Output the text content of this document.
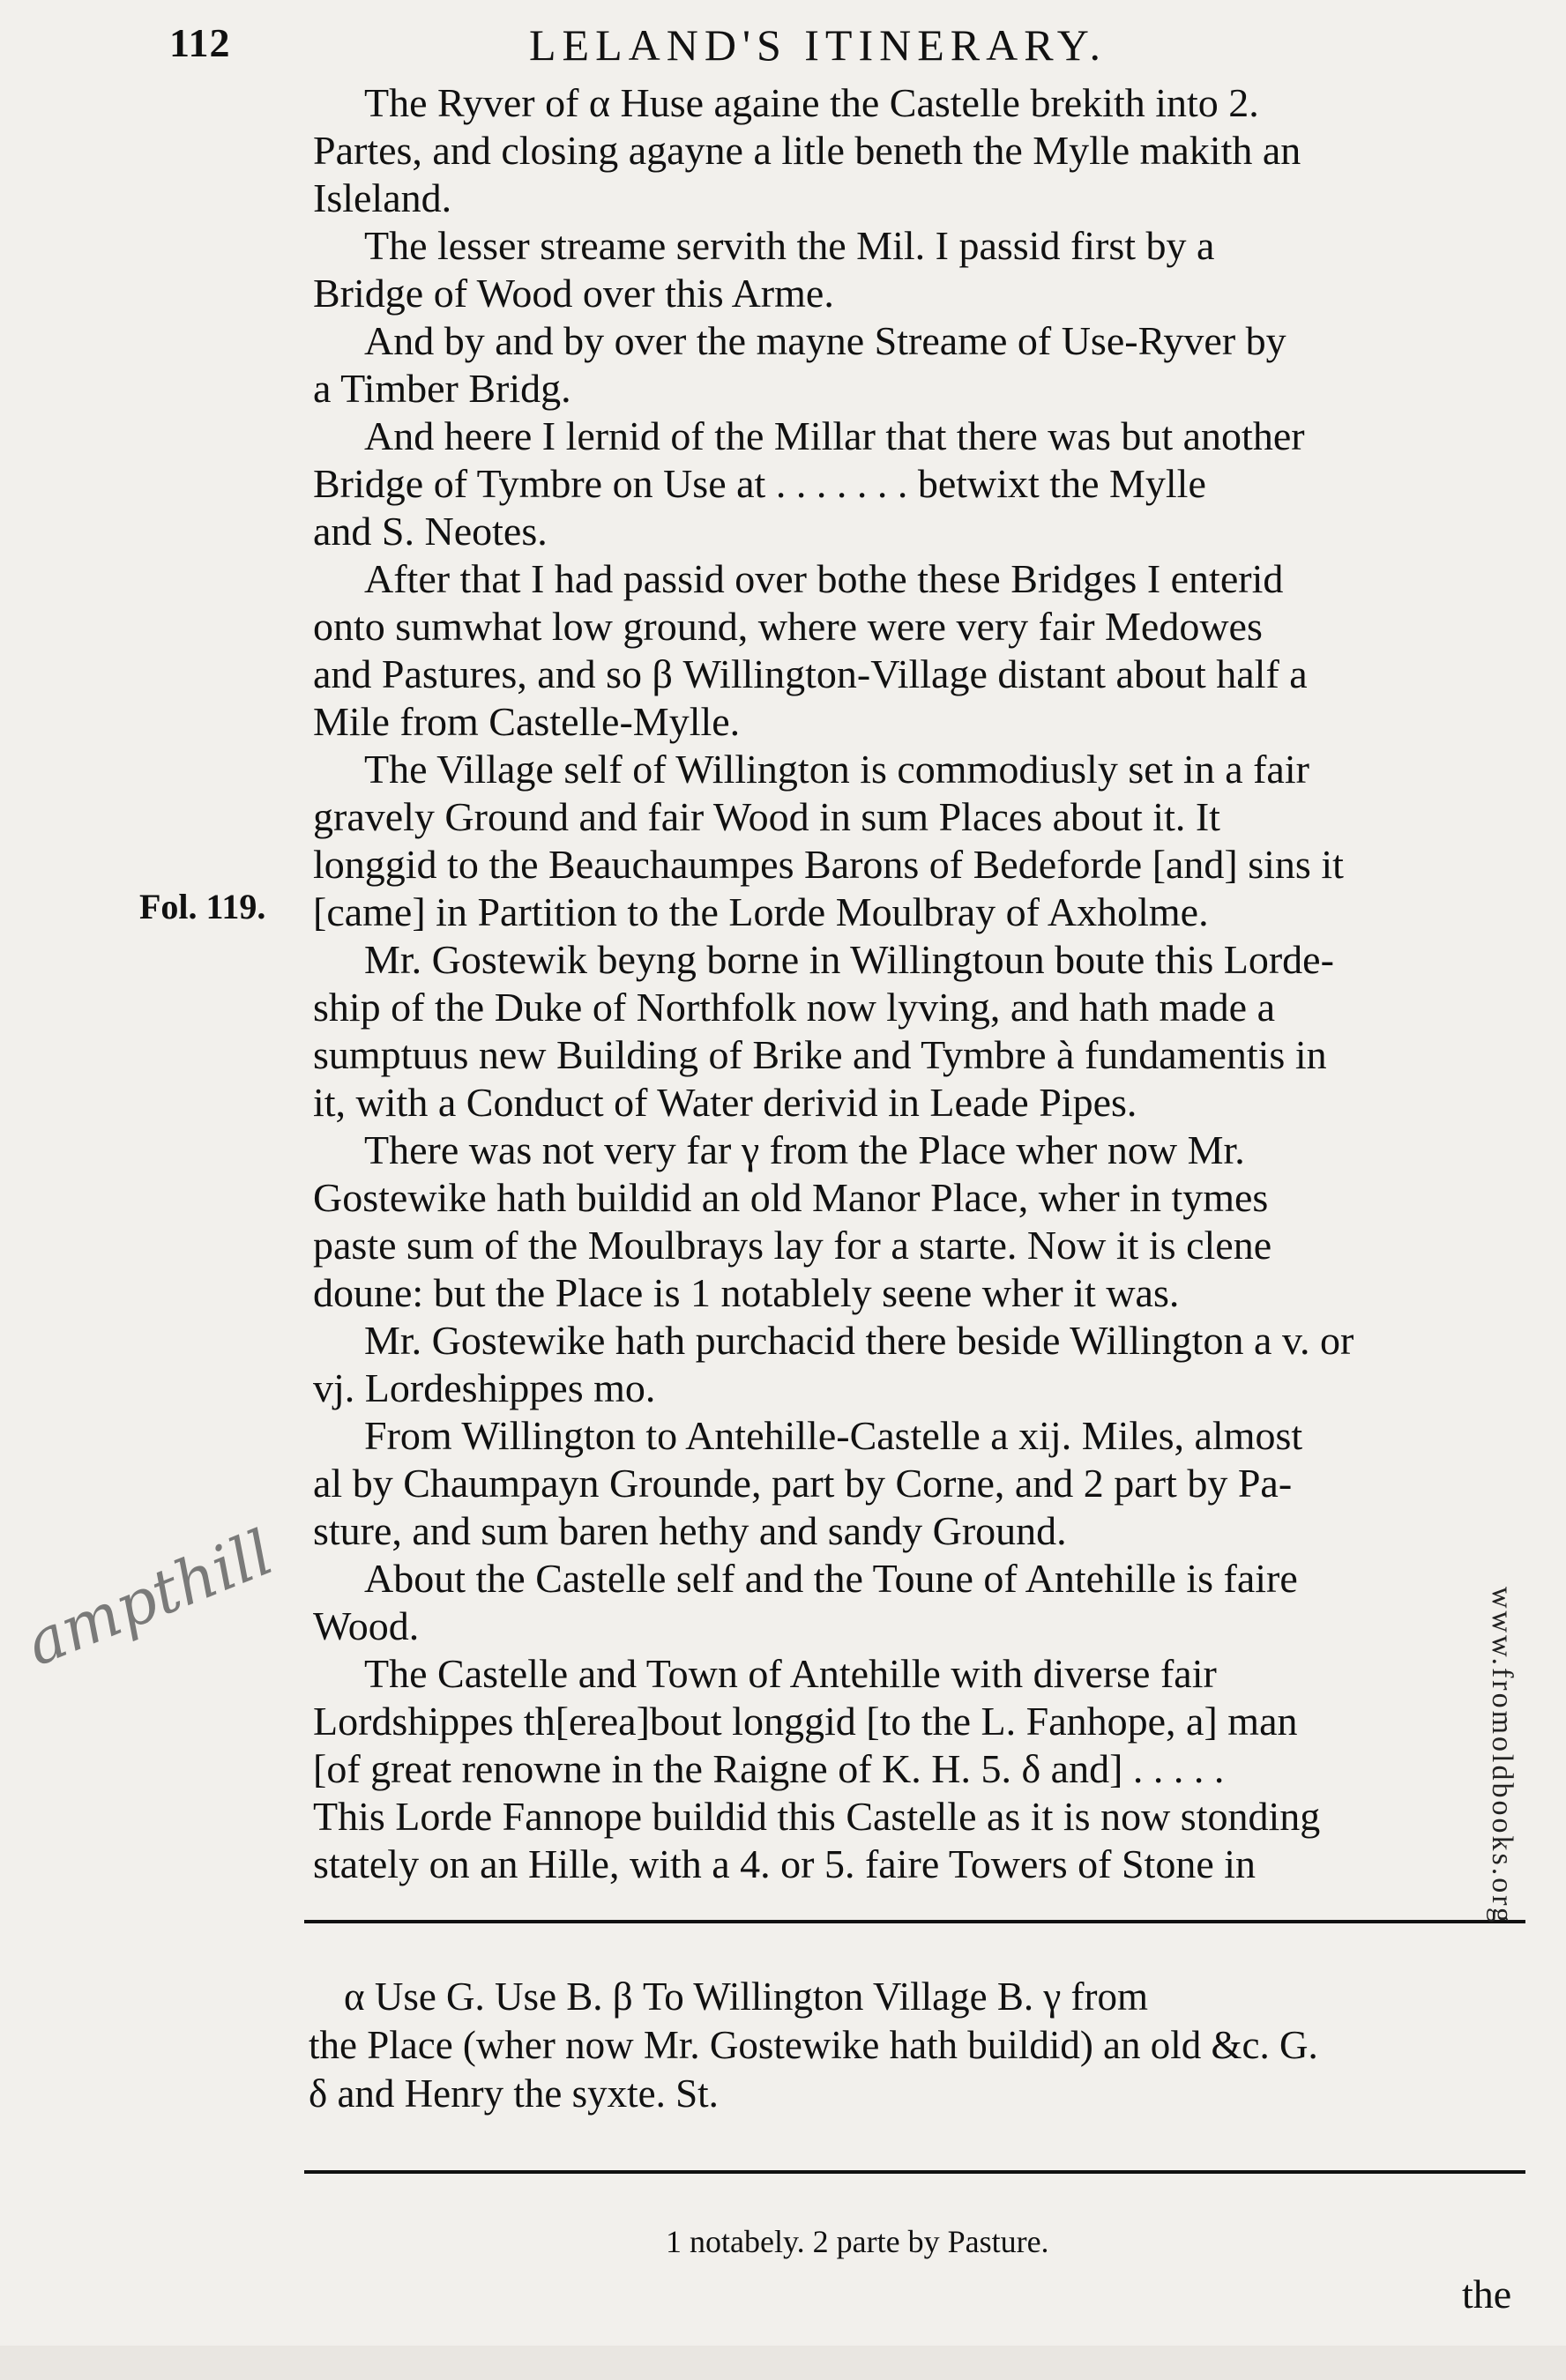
112	LELAND'S ITINERARY.
Fol. 119.
ampthill

The Ryver of α Huse againe the Castelle brekith into 2.
Partes, and closing agayne a litle beneth the Mylle makith an
Isleland.

The lesser streame servith the Mil. I passid first by a
Bridge of Wood over this Arme.

And by and by over the mayne Streame of Use-Ryver by
a Timber Bridg.

And heere I lernid of the Millar that there was but another
Bridge of Tymbre on Use at . . . . . . . betwixt the Mylle
and S. Neotes.

After that I had passid over bothe these Bridges I enterid
onto sumwhat low ground, where were very fair Medowes
and Pastures, and so β Willington-Village distant about half a
Mile from Castelle-Mylle.

The Village self of Willington is commodiusly set in a fair
gravely Ground and fair Wood in sum Places about it. It
longgid to the Beauchaumpes Barons of Bedeforde [and] sins it
[came] in Partition to the Lorde Moulbray of Axholme.

Mr. Gostewik beyng borne in Willingtoun boute this Lorde-
ship of the Duke of Northfolk now lyving, and hath made a
sumptuus new Building of Brike and Tymbre à fundamentis in
it, with a Conduct of Water derivid in Leade Pipes.

There was not very far γ from the Place wher now Mr.
Gostewike hath buildid an old Manor Place, wher in tymes
paste sum of the Moulbrays lay for a starte. Now it is clene
doune: but the Place is 1 notablely seene wher it was.

Mr. Gostewike hath purchacid there beside Willington a v. or
vj. Lordeshippes mo.

From Willington to Antehille-Castelle a xij. Miles, almost
al by Chaumpayn Grounde, part by Corne, and 2 part by Pa-
sture, and sum baren hethy and sandy Ground.

About the Castelle self and the Toune of Antehille is faire
Wood.

The Castelle and Town of Antehille with diverse fair
Lordshippes th[erea]bout longgid [to the L. Fanhope, a] man
[of great renowne in the Raigne of K. H. 5. δ and] . . . . .
This Lorde Fannope buildid this Castelle as it is now stonding
stately on an Hille, with a 4. or 5. faire Towers of Stone in

α Use G. Use B. β To Willington Village B. γ from
the Place (wher now Mr. Gostewike hath buildid) an old &c. G.
δ and Henry the syxte. St.
1 notabely. 2 parte by Pasture.
the
www.fromoldbooks.org
